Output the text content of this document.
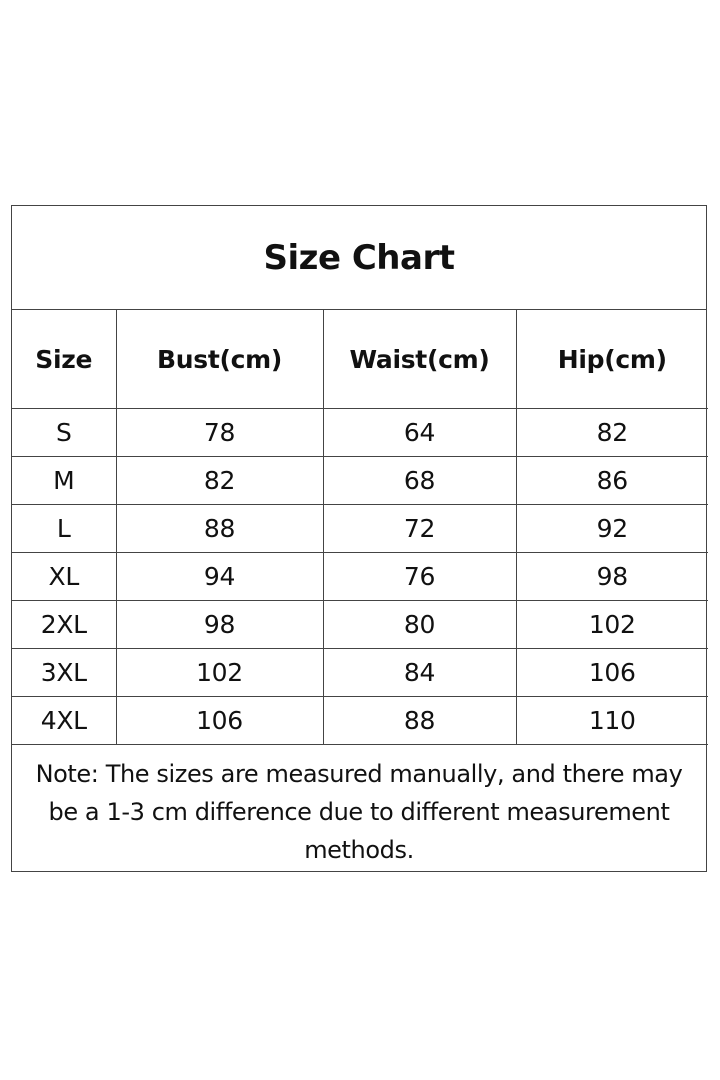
Size Chart
Size	Bust(cm)	Waist(cm)	Hip(cm)
S	78	64	82
M	82	68	86
L	88	72	92
XL	94	76	98
2XL	98	80	102
3XL	102	84	106
4XL	106	88	110
Note: The sizes are measured manually, and there may be a 1-3 cm difference due to different measurement methods.
